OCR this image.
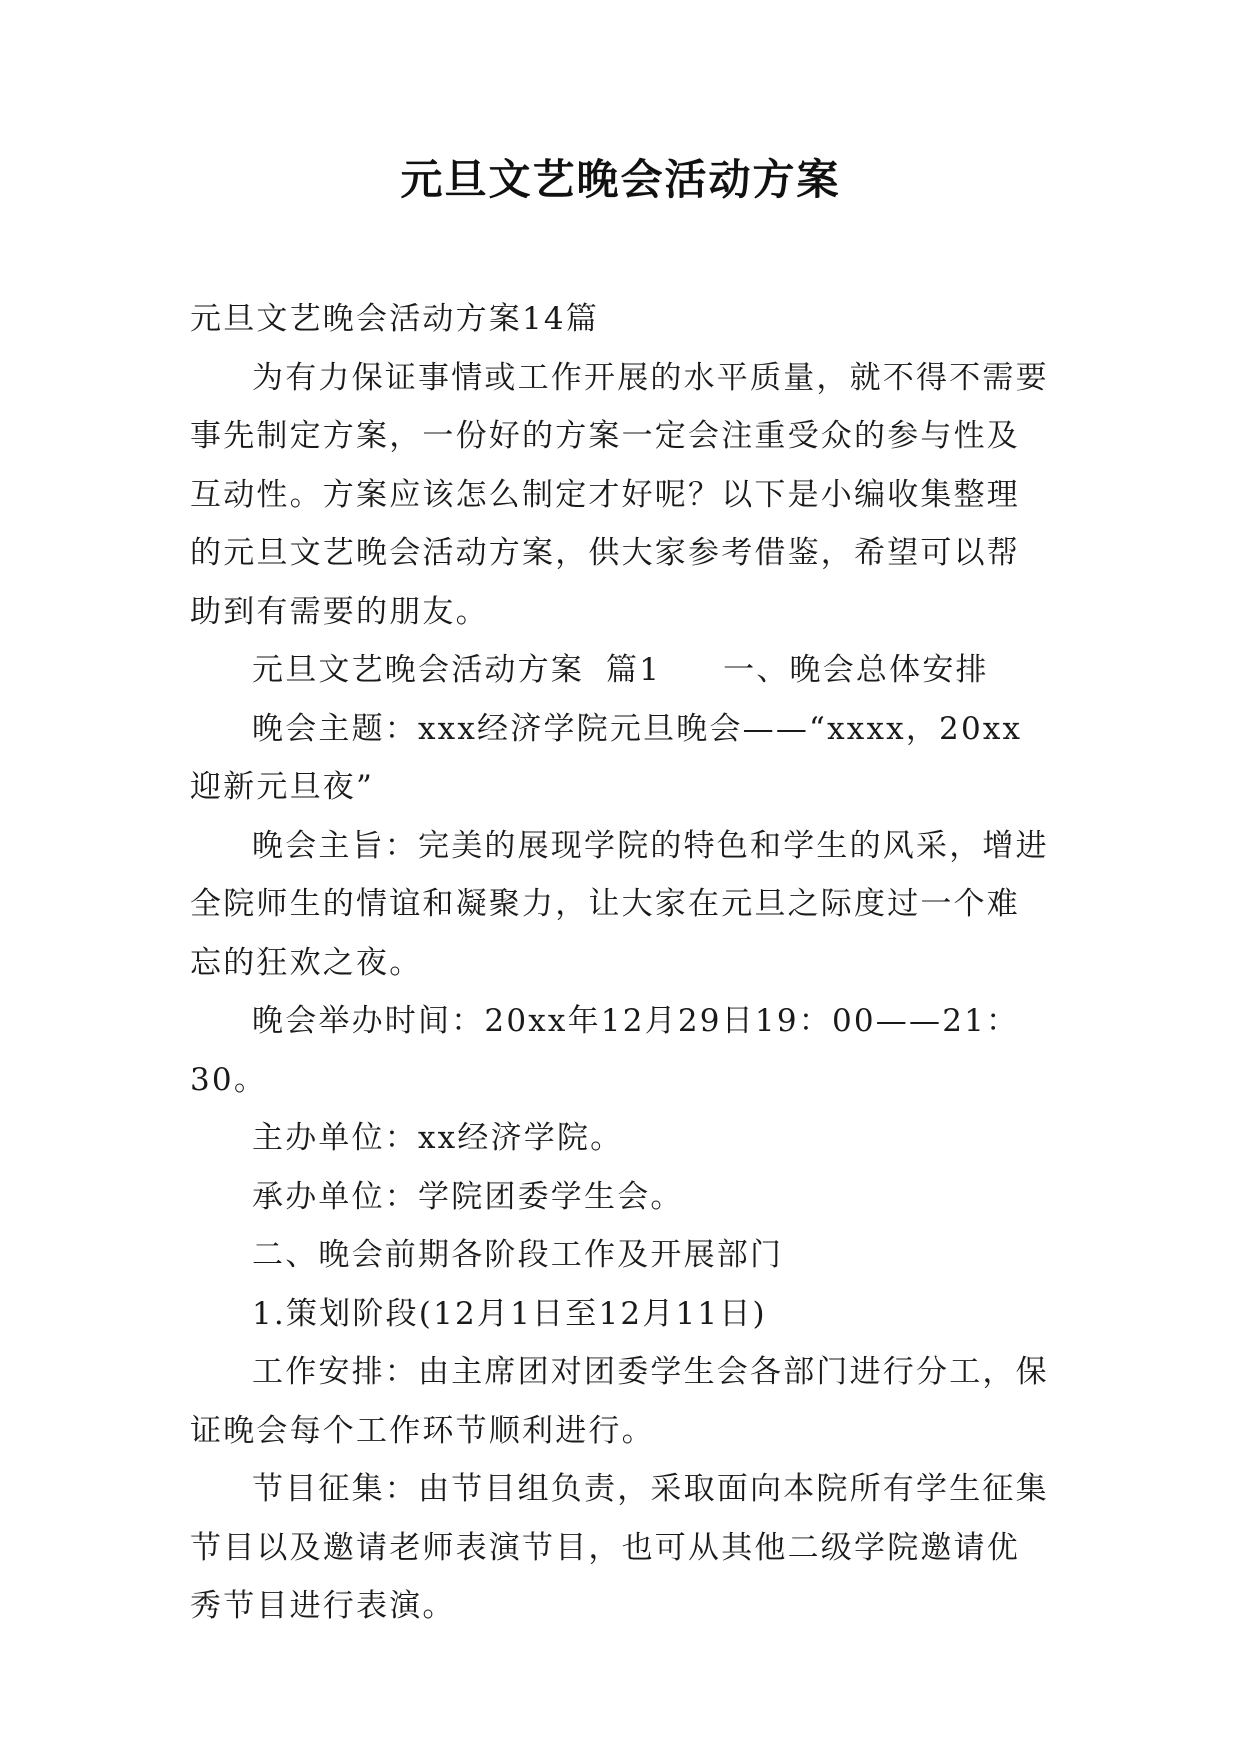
元旦文艺晚会活动方案

元旦文艺晚会活动方案14篇

为有力保证事情或工作开展的水平质量，就不得不需要事先制定方案，一份好的方案一定会注重受众的参与性及互动性。方案应该怎么制定才好呢？以下是小编收集整理的元旦文艺晚会活动方案，供大家参考借鉴，希望可以帮助到有需要的朋友。

元旦文艺晚会活动方案 篇1 一、晚会总体安排

晚会主题：xxx经济学院元旦晚会——“xxxx，20xx迎新元旦夜”

晚会主旨：完美的展现学院的特色和学生的风采，增进全院师生的情谊和凝聚力，让大家在元旦之际度过一个难忘的狂欢之夜。

晚会举办时间：20xx年12月29日19：00——21：30。

主办单位：xx经济学院。

承办单位：学院团委学生会。

二、晚会前期各阶段工作及开展部门

1.策划阶段(12月1日至12月11日)

工作安排：由主席团对团委学生会各部门进行分工，保证晚会每个工作环节顺利进行。

节目征集：由节目组负责，采取面向本院所有学生征集节目以及邀请老师表演节目，也可从其他二级学院邀请优秀节目进行表演。
